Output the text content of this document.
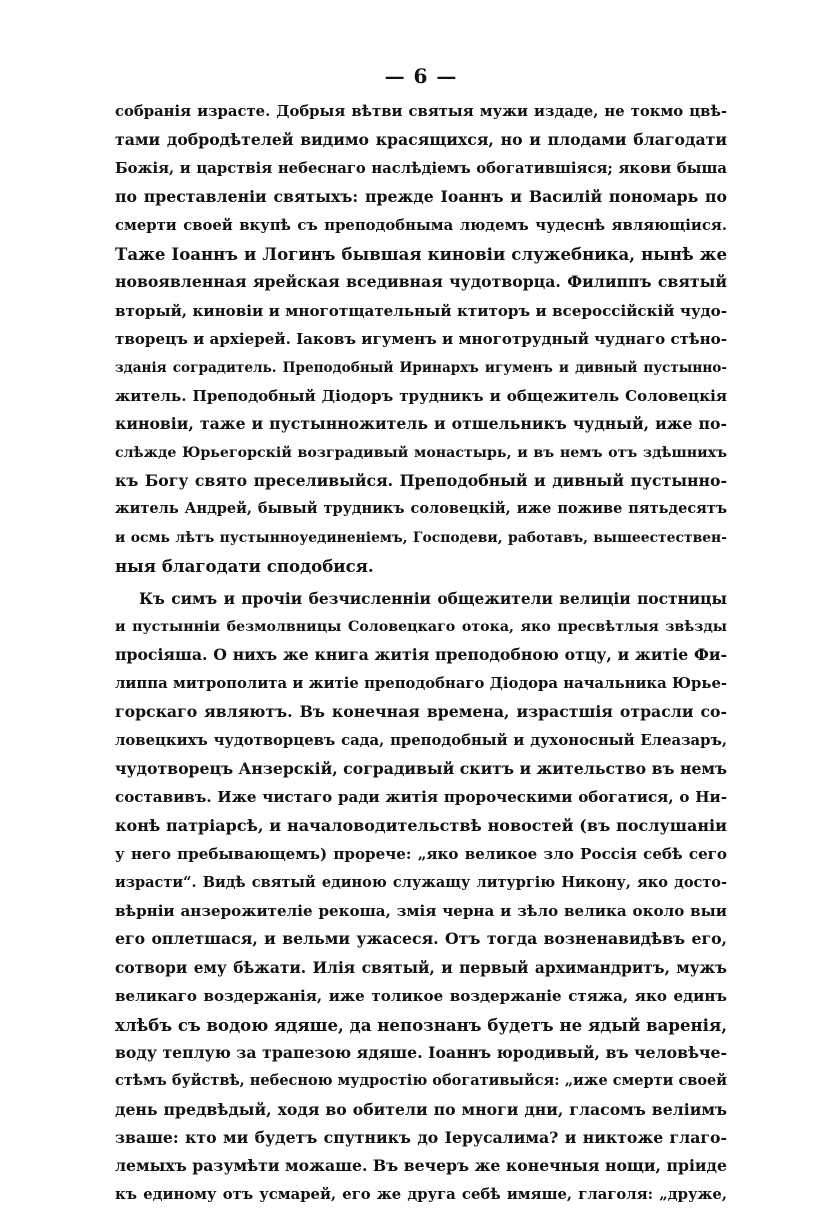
— 6 —
собранія израсте. Добрыя вѣтви святыя мужи издаде, не токмо цвѣ-
тами добродѣтелей видимо красящихся, но и плодами благодати
Божія, и царствія небеснаго наслѣдіемъ обогатившіяся; якови быша
по преставленіи святыхъ: прежде Іоаннъ и Василій пономарь по
смерти своей вкупѣ съ преподобныма людемъ чудеснѣ являющіися.
Таже Іоаннъ и Логинъ бывшая киновіи служебника, нынѣ же
новоявленная ярейская вседивная чудотворца. Филиппъ святый
вторый, киновіи и многотщательный ктиторъ и всероссійскій чудо-
творецъ и архіерей. Іаковъ игуменъ и многотрудный чуднаго стѣно-
зданія соградитель. Преподобный Иринархъ игуменъ и дивный пустынно-
житель. Преподобный Діодоръ трудникъ и общежитель Соловецкія
киновіи, таже и пустынножитель и отшельникъ чудный, иже по-
слѣжде Юрьегорскій возградивый монастырь, и въ немъ отъ здѣшнихъ
къ Богу свято преселивыйся. Преподобный и дивный пустынно-
житель Андрей, бывый трудникъ соловецкій, иже поживе пятьдесятъ
и осмь лѣтъ пустынноуединеніемъ, Господеви, работавъ, вышеестествен-
ныя благодати сподобися.
Къ симъ и прочіи безчисленніи общежители велиціи постницы
и пустынніи безмолвницы Соловецкаго отока, яко пресвѣтлыя звѣзды
просіяша. О нихъ же книга житія преподобною отцу, и житіе Фи-
липпа митрополита и житіе преподобнаго Діодора начальника Юрье-
горскаго являютъ. Въ конечная времена, израстшія отрасли со-
ловецкихъ чудотворцевъ сада, преподобный и духоносный Елеазаръ,
чудотворецъ Анзерскій, соградивый скитъ и жительство въ немъ
составивъ. Иже чистаго ради житія пророческими обогатися, о Ни-
конѣ патріарсѣ, и началоводительствѣ новостей (въ послушаніи
у него пребывающемъ) прорече: „яко великое зло Россія себѣ сего
израсти“. Видѣ святый единою служащу литургію Никону, яко досто-
вѣрніи анзерожителіе рекоша, змія черна и зѣло велика около выи
его оплетшася, и вельми ужасеся. Отъ тогда возненавидѣвъ его,
сотвори ему бѣжати. Илія святый, и первый архимандритъ, мужъ
великаго воздержанія, иже толикое воздержаніе стяжа, яко единъ
хлѣбъ съ водою ядяше, да непознанъ будетъ не ядый варенія,
воду теплую за трапезою ядяше. Іоаннъ юродивый, въ человѣче-
стѣмъ буйствѣ, небесною мудростію обогативыйся: „иже смерти своей
день предвѣдый, ходя во обители по многи дни, гласомъ велiимъ
зваше: кто ми будетъ спутникъ до Іерусалима? и никтоже глаго-
лемыхъ разумѣти можаше. Въ вечеръ же конечныя нощи, пріиде
къ единому отъ усмарей, его же друга себѣ имяше, глаголя: „друже,
